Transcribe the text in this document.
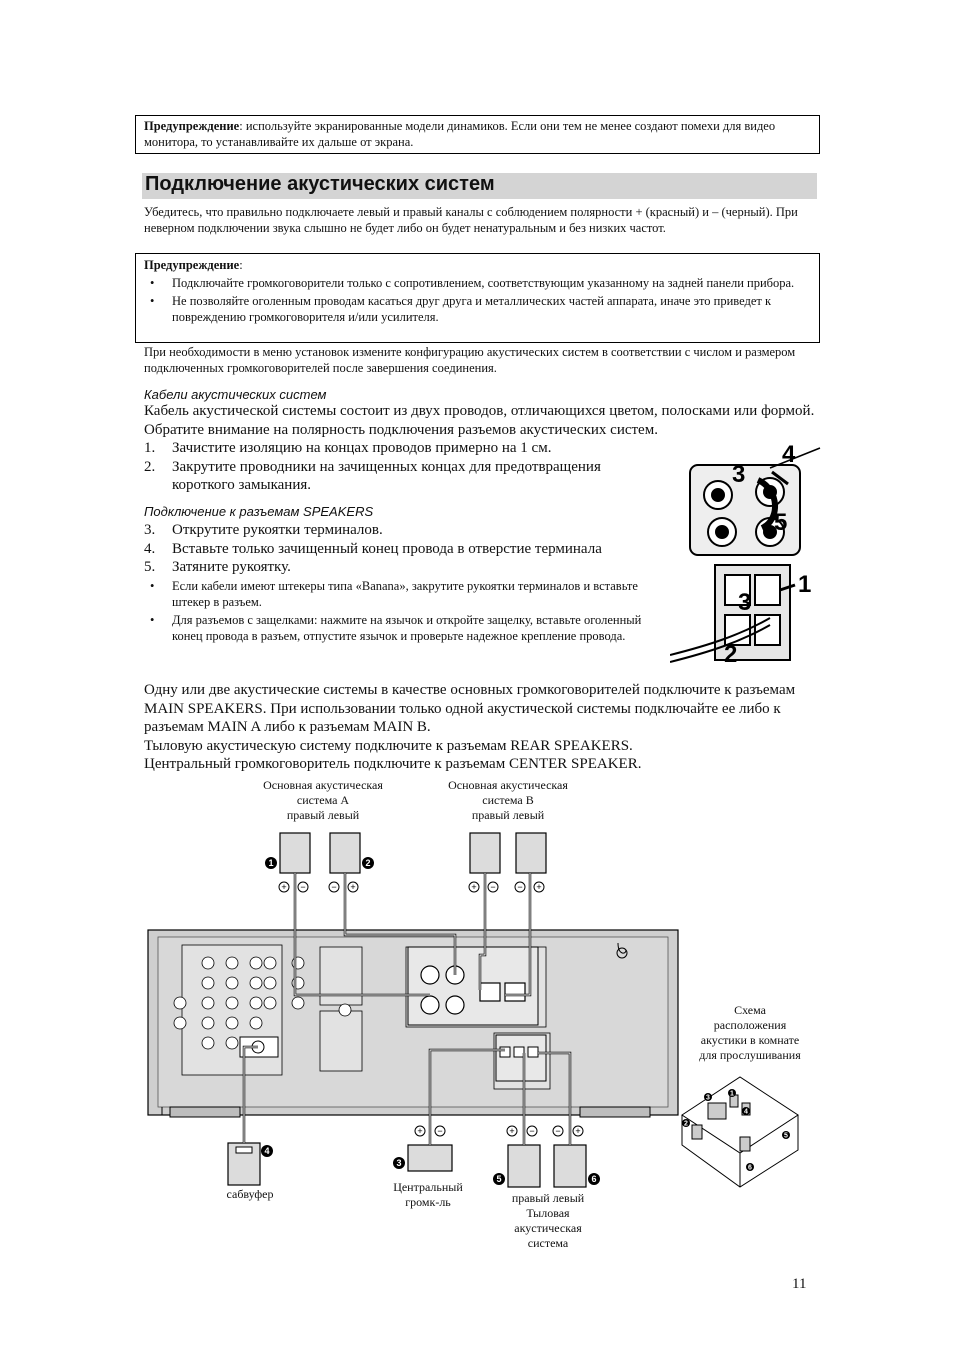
Предупреждение: используйте экранированные модели динамиков. Если они тем не менее создают помехи для видео монитора, то устанавливайте их дальше от экрана.
Подключение акустических систем
Убедитесь, что правильно подключаете левый и правый каналы с соблюдением полярности + (красный) и – (черный). При неверном подключении звука слышно не будет либо он будет ненатуральным и без низких частот.
Предупреждение:
• Подключайте громкоговорители только с сопротивлением, соответствующим указанному на задней панели прибора.
• Не позволяйте оголенным проводам касаться друг друга и металлических частей аппарата, иначе это приведет к повреждению громкоговорителя и/или усилителя.
При необходимости в меню установок измените конфигурацию акустических систем в соответствии с числом и размером подключенных громкоговорителей после завершения соединения.
Кабели акустических систем
Кабель акустической системы состоит из двух проводов, отличающихся цветом, полосками или формой. Обратите внимание на полярность подключения разъемов акустических систем.
1. Зачистите изоляцию на концах проводов примерно на 1 см.
2. Закрутите проводники на зачищенных концах для предотвращения короткого замыкания.
Подключение к разъемам SPEAKERS
3. Открутите рукоятки терминалов.
4. Вставьте только зачищенный конец провода в отверстие терминала
5. Затяните рукоятку.
• Если кабели имеют штекеры типа «Banana», закрутите рукоятки терминалов и вставьте штекер в разъем.
• Для разъемов с защелками: нажмите на язычок и откройте защелку, вставьте оголенный конец провода в разъем, отпустите язычок и проверьте надежное крепление провода.
3
4
5
1
3
2
Одну или две акустические системы в качестве основных громкоговорителей подключите к разъемам MAIN SPEAKERS. При использовании только одной акустической системы подключайте ее либо к разъемам MAIN A либо к разъемам MAIN B.
Тыловую акустическую систему подключите к разъемам REAR SPEAKERS.
Центральный громкоговоритель подключите к разъемам CENTER SPEAKER.
Основная акустическая
система A
правый левый
Основная акустическая
система B
правый левый
Схема
расположения
акустики в комнате
для прослушивания
сабвуфер	Центральный
громк-ль	правый левый
Тыловая
акустическая
система
+ −	− +	+ − − +
+ −	+ − − +
1	2
3
4
5	6
1
2
3
4
5
6
11
